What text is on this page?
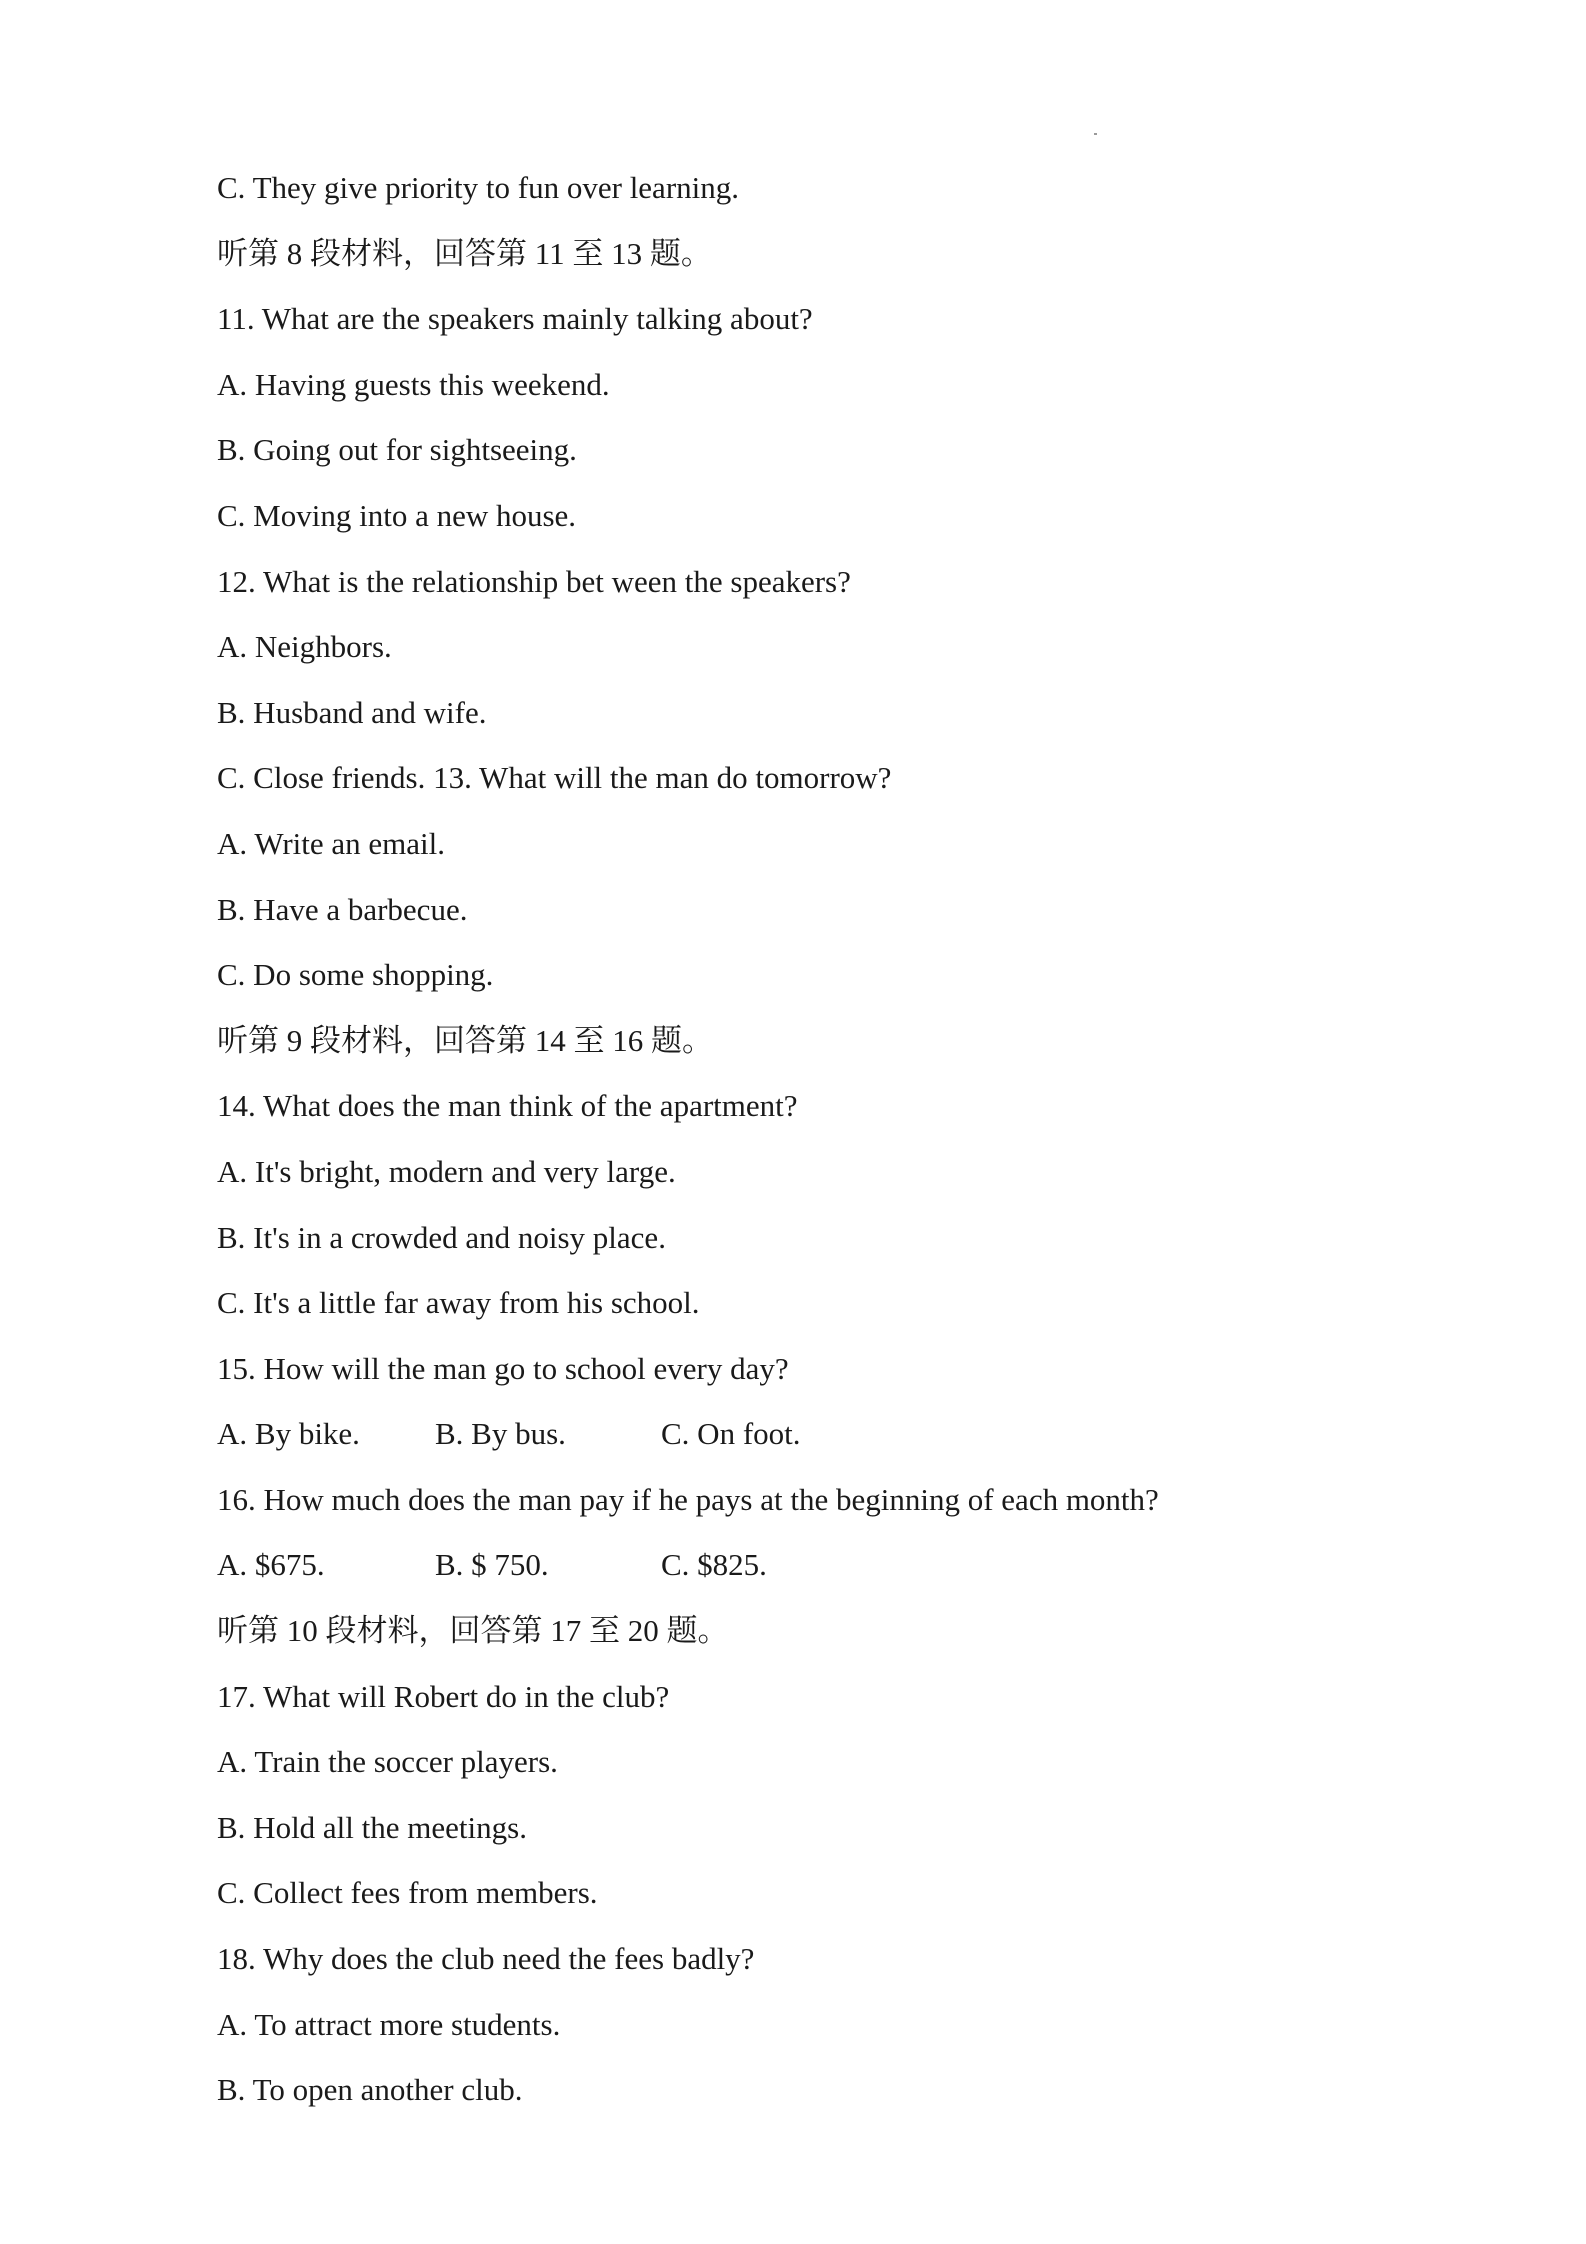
C. They give priority to fun over learning.
听第 8 段材料，回答第 11 至 13 题。
11. What are the speakers mainly talking about?
A. Having guests this weekend.
B. Going out for sightseeing.
C. Moving into a new house.
12. What is the relationship bet ween the speakers?
A. Neighbors.
B. Husband and wife.
C. Close friends. 13. What will the man do tomorrow?
A. Write an email.
B. Have a barbecue.
C. Do some shopping.
听第 9 段材料，回答第 14 至 16 题。
14. What does the man think of the apartment?
A. It's bright, modern and very large.
B. It's in a crowded and noisy place.
C. It's a little far away from his school.
15. How will the man go to school every day?
A. By bike.	B. By bus.	C. On foot.
16. How much does the man pay if he pays at the beginning of each month?
A. $675.	B. $ 750.	C. $825.
听第 10 段材料，回答第 17 至 20 题。
17. What will Robert do in the club?
A. Train the soccer players.
B. Hold all the meetings.
C. Collect fees from members.
18. Why does the club need the fees badly?
A. To attract more students.
B. To open another club.
